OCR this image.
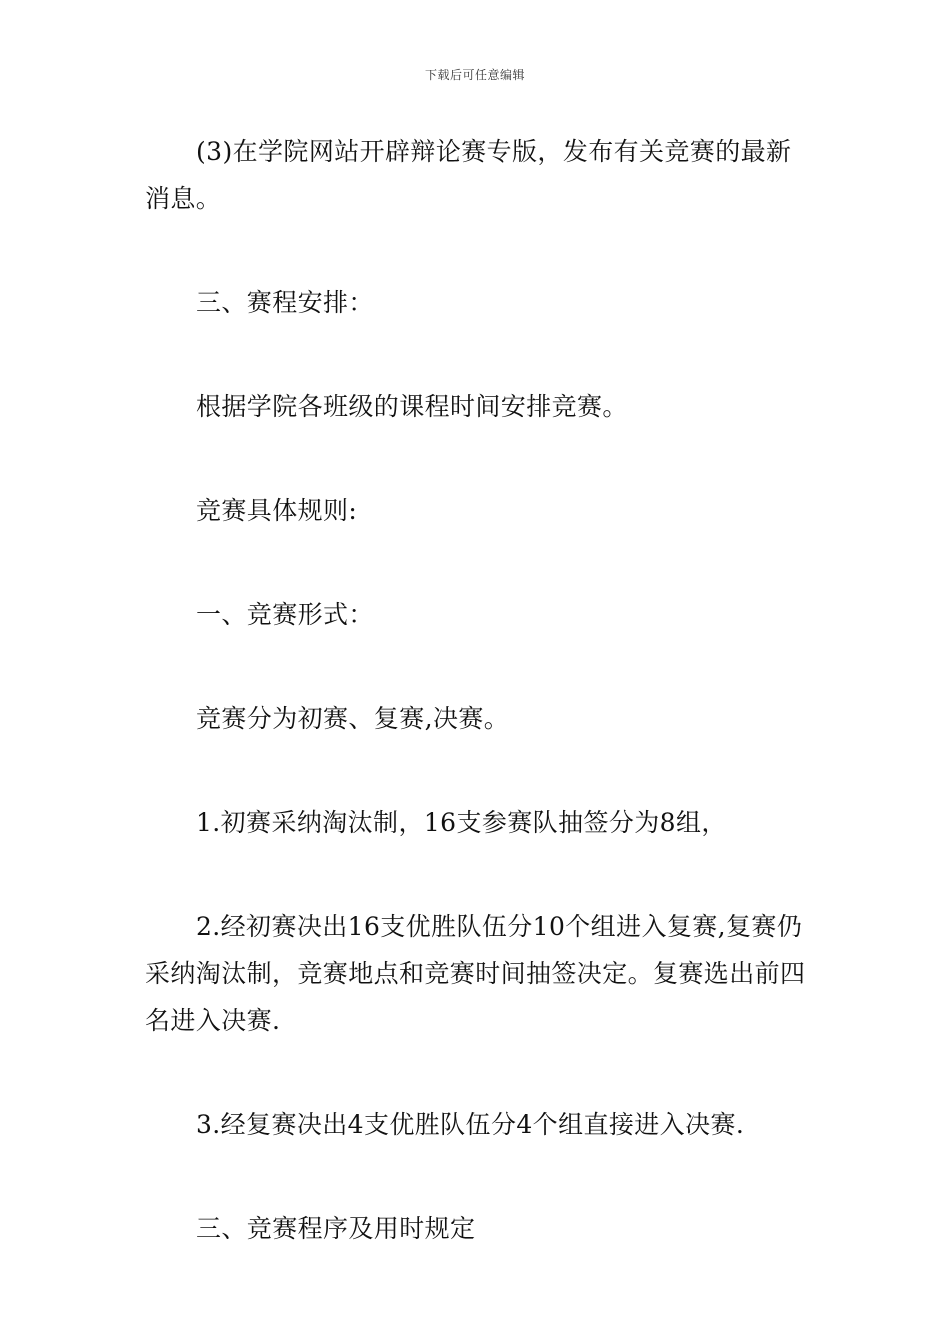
下载后可任意编辑

(3)在学院网站开辟辩论赛专版，发布有关竞赛的最新消息。

三、赛程安排：

根据学院各班级的课程时间安排竞赛。

竞赛具体规则:

一、竞赛形式：

竞赛分为初赛、复赛,决赛。

1.初赛采纳淘汰制，16支参赛队抽签分为8组，

2.经初赛决出16支优胜队伍分10个组进入复赛,复赛仍采纳淘汰制，竞赛地点和竞赛时间抽签决定。复赛选出前四名进入决赛.

3.经复赛决出4支优胜队伍分4个组直接进入决赛.

三、竞赛程序及用时规定
